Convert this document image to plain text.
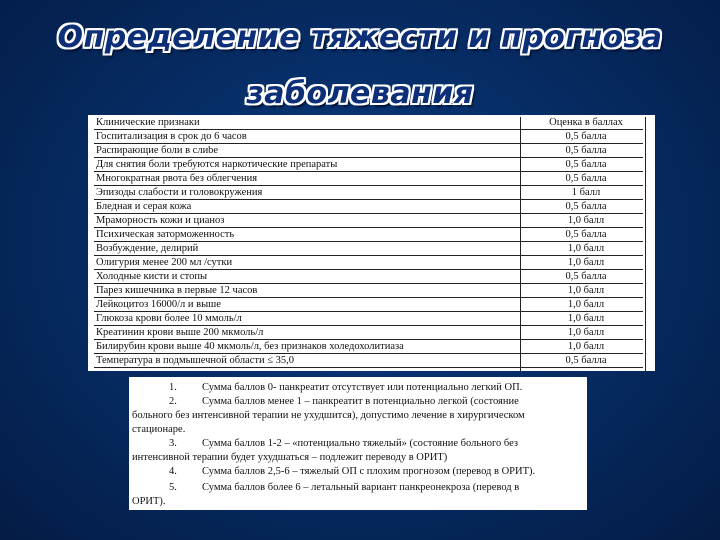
Определение тяжести и прогноза
заболевания
Клинические признаки	Оценка в баллах
Госпитализация в срок до 6 часов	0,5 балла
Распирающие боли в слиbe	0,5 балла
Для снятия боли требуются наркотические препараты	0,5 балла
Многократная рвота без облегчения	0,5 балла
Эпизоды слабости и головокружения	1 балл
Бледная и серая кожа	0,5 балла
Мраморность кожи и цианоз	1,0 балл
Психическая заторможенность	0,5 балла
Возбуждение, делирий	1,0 балл
Олигурия менее 200 мл /сутки	1,0 балл
Холодные кисти и стопы	0,5 балла
Парез кишечника в первые 12 часов	1,0 балл
Лейкоцитоз 16000/л и выше	1,0 балл
Глюкоза крови более 10 ммоль/л	1,0 балл
Креатинин крови выше 200 мкмоль/л	1,0 балл
Билирубин крови выше 40 мкмоль/л, без признаков холедохолитиаза	1,0 балл
Температура в подмышечной области ≤ 35,0	0,5 балла
1. Сумма баллов 0- панкреатит отсутствует или потенциально легкий ОП.
2. Сумма баллов менее 1 – панкреатит в потенциально легкой (состояние
больного без интенсивной терапии не ухудшится), допустимо лечение в хирургическом
стационаре.
3. Сумма баллов 1-2 – «потенциально тяжелый» (состояние больного без
интенсивной терапии будет ухудшаться – подлежит переводу в ОРИТ)
4. Сумма баллов 2,5-6 – тяжелый ОП с плохим прогнозом (перевод в ОРИТ).
5. Сумма баллов более 6 – летальный вариант панкреонекроза (перевод в
ОРИТ).
